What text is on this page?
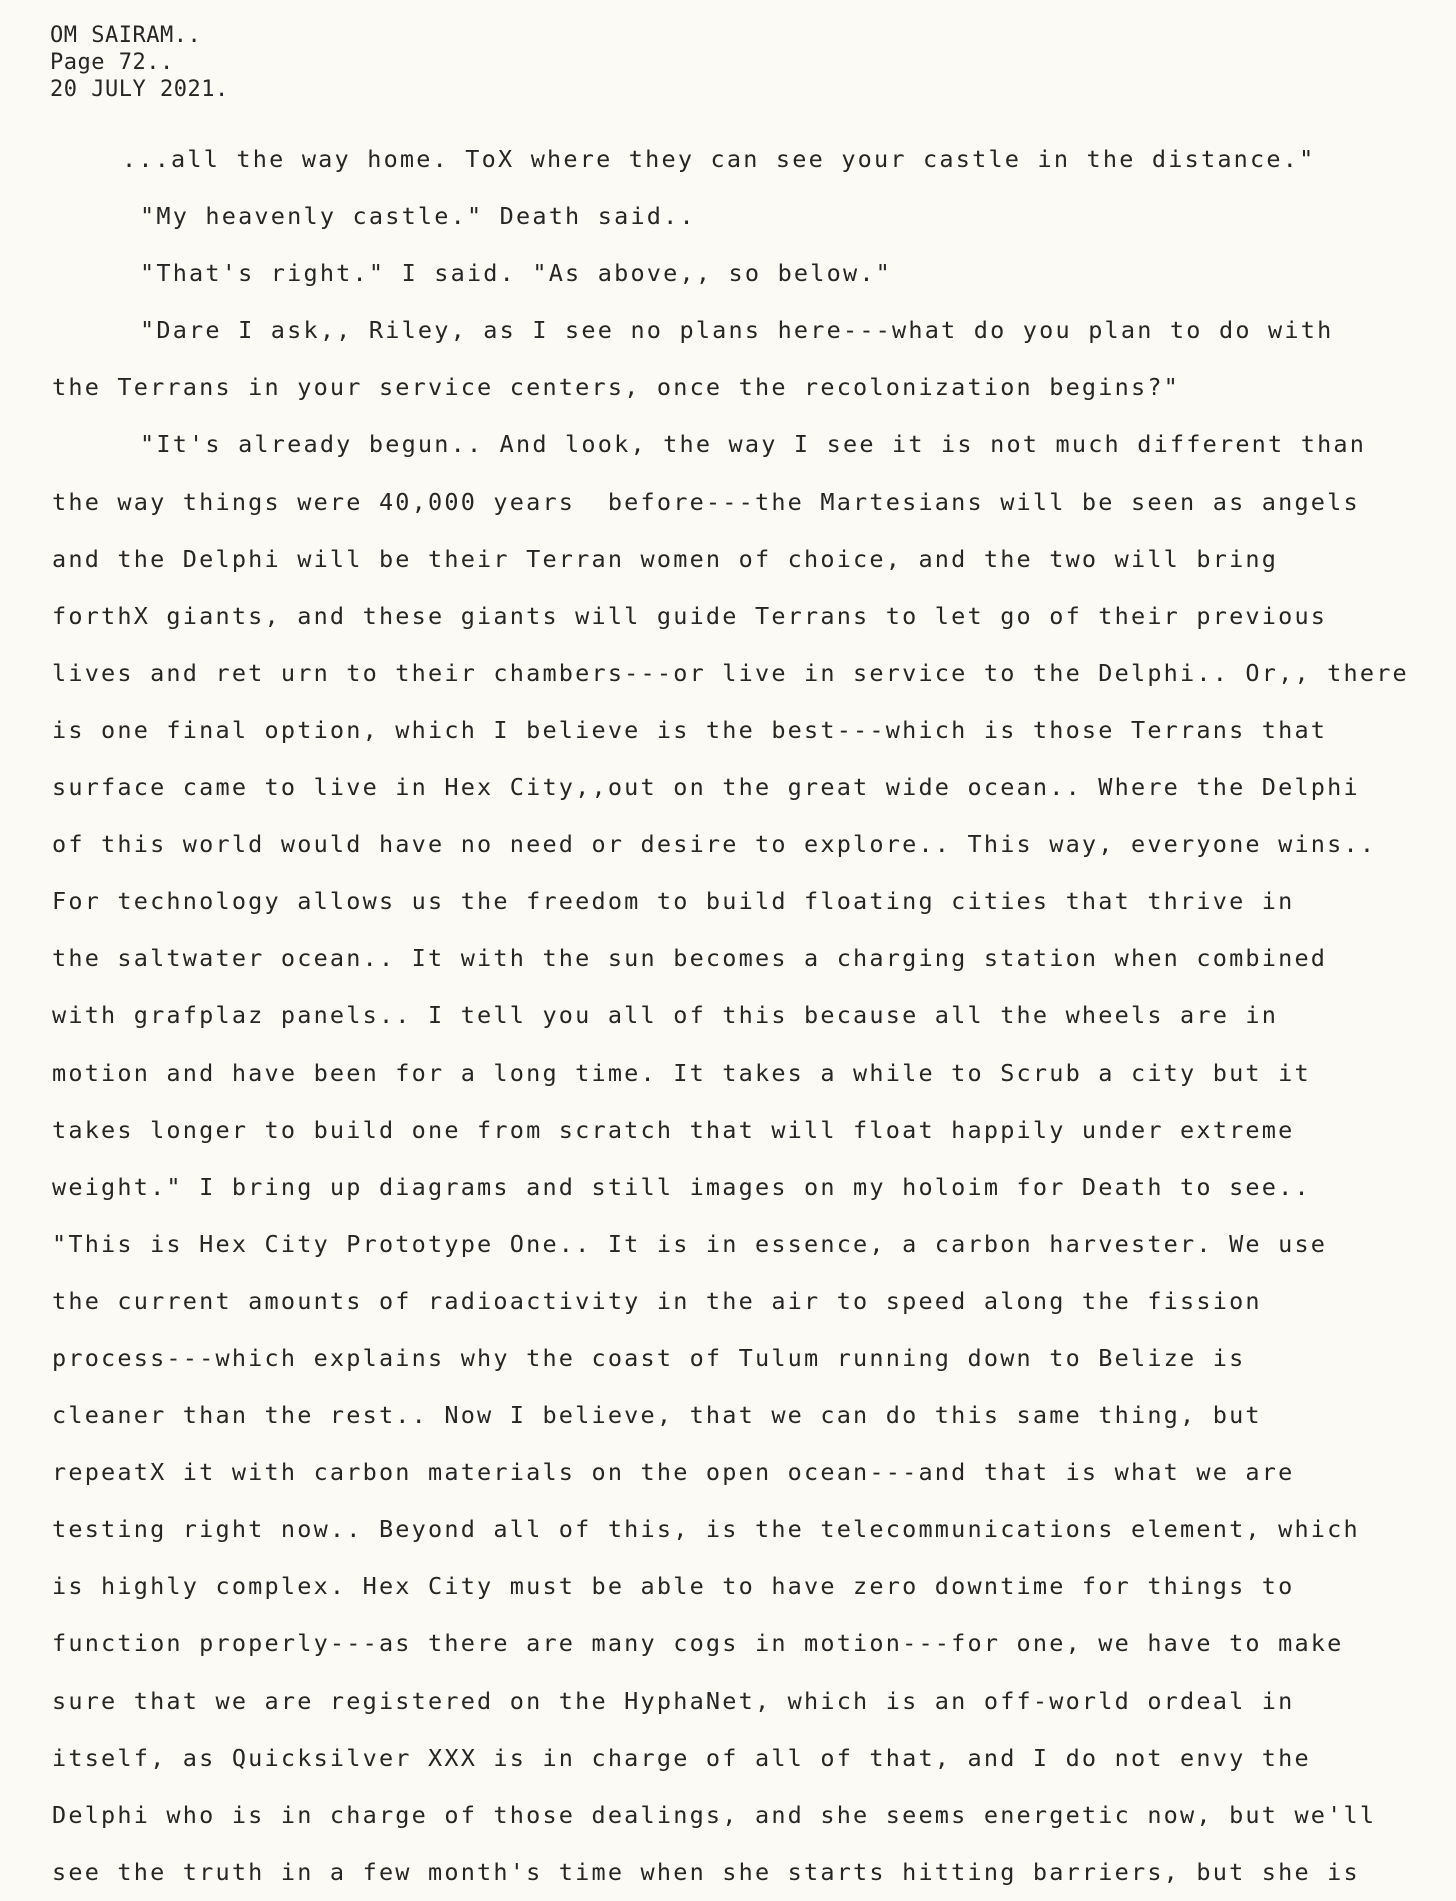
OM SAIRAM..
Page 72..
20 JULY 2021.
...all the way home. ToX where they can see your castle in the distance."
"My heavenly castle." Death said..
"That's right." I said. "As above,, so below."
"Dare I ask,, Riley, as I see no plans here---what do you plan to do with
the Terrans in your service centers, once the recolonization begins?"
"It's already begun.. And look, the way I see it is not much different than
the way things were 40,000 years  before---the Martesians will be seen as angels
and the Delphi will be their Terran women of choice, and the two will bring
forthX giants, and these giants will guide Terrans to let go of their previous
lives and ret urn to their chambers---or live in service to the Delphi.. Or,, there
is one final option, which I believe is the best---which is those Terrans that
surface came to live in Hex City,,out on the great wide ocean.. Where the Delphi
of this world would have no need or desire to explore.. This way, everyone wins..
For technology allows us the freedom to build floating cities that thrive in
the saltwater ocean.. It with the sun becomes a charging station when combined
with grafplaz panels.. I tell you all of this because all the wheels are in
motion and have been for a long time. It takes a while to Scrub a city but it
takes longer to build one from scratch that will float happily under extreme
weight." I bring up diagrams and still images on my holoim for Death to see..
"This is Hex City Prototype One.. It is in essence, a carbon harvester. We use
the current amounts of radioactivity in the air to speed along the fission
process---which explains why the coast of Tulum running down to Belize is
cleaner than the rest.. Now I believe, that we can do this same thing, but
repeatX it with carbon materials on the open ocean---and that is what we are
testing right now.. Beyond all of this, is the telecommunications element, which
is highly complex. Hex City must be able to have zero downtime for things to
function properly---as there are many cogs in motion---for one, we have to make
sure that we are registered on the HyphaNet, which is an off-world ordeal in
itself, as Quicksilver XXX is in charge of all of that, and I do not envy the
Delphi who is in charge of those dealings, and she seems energetic now, but we'll
see the truth in a few month's time when she starts hitting barriers, but she is
